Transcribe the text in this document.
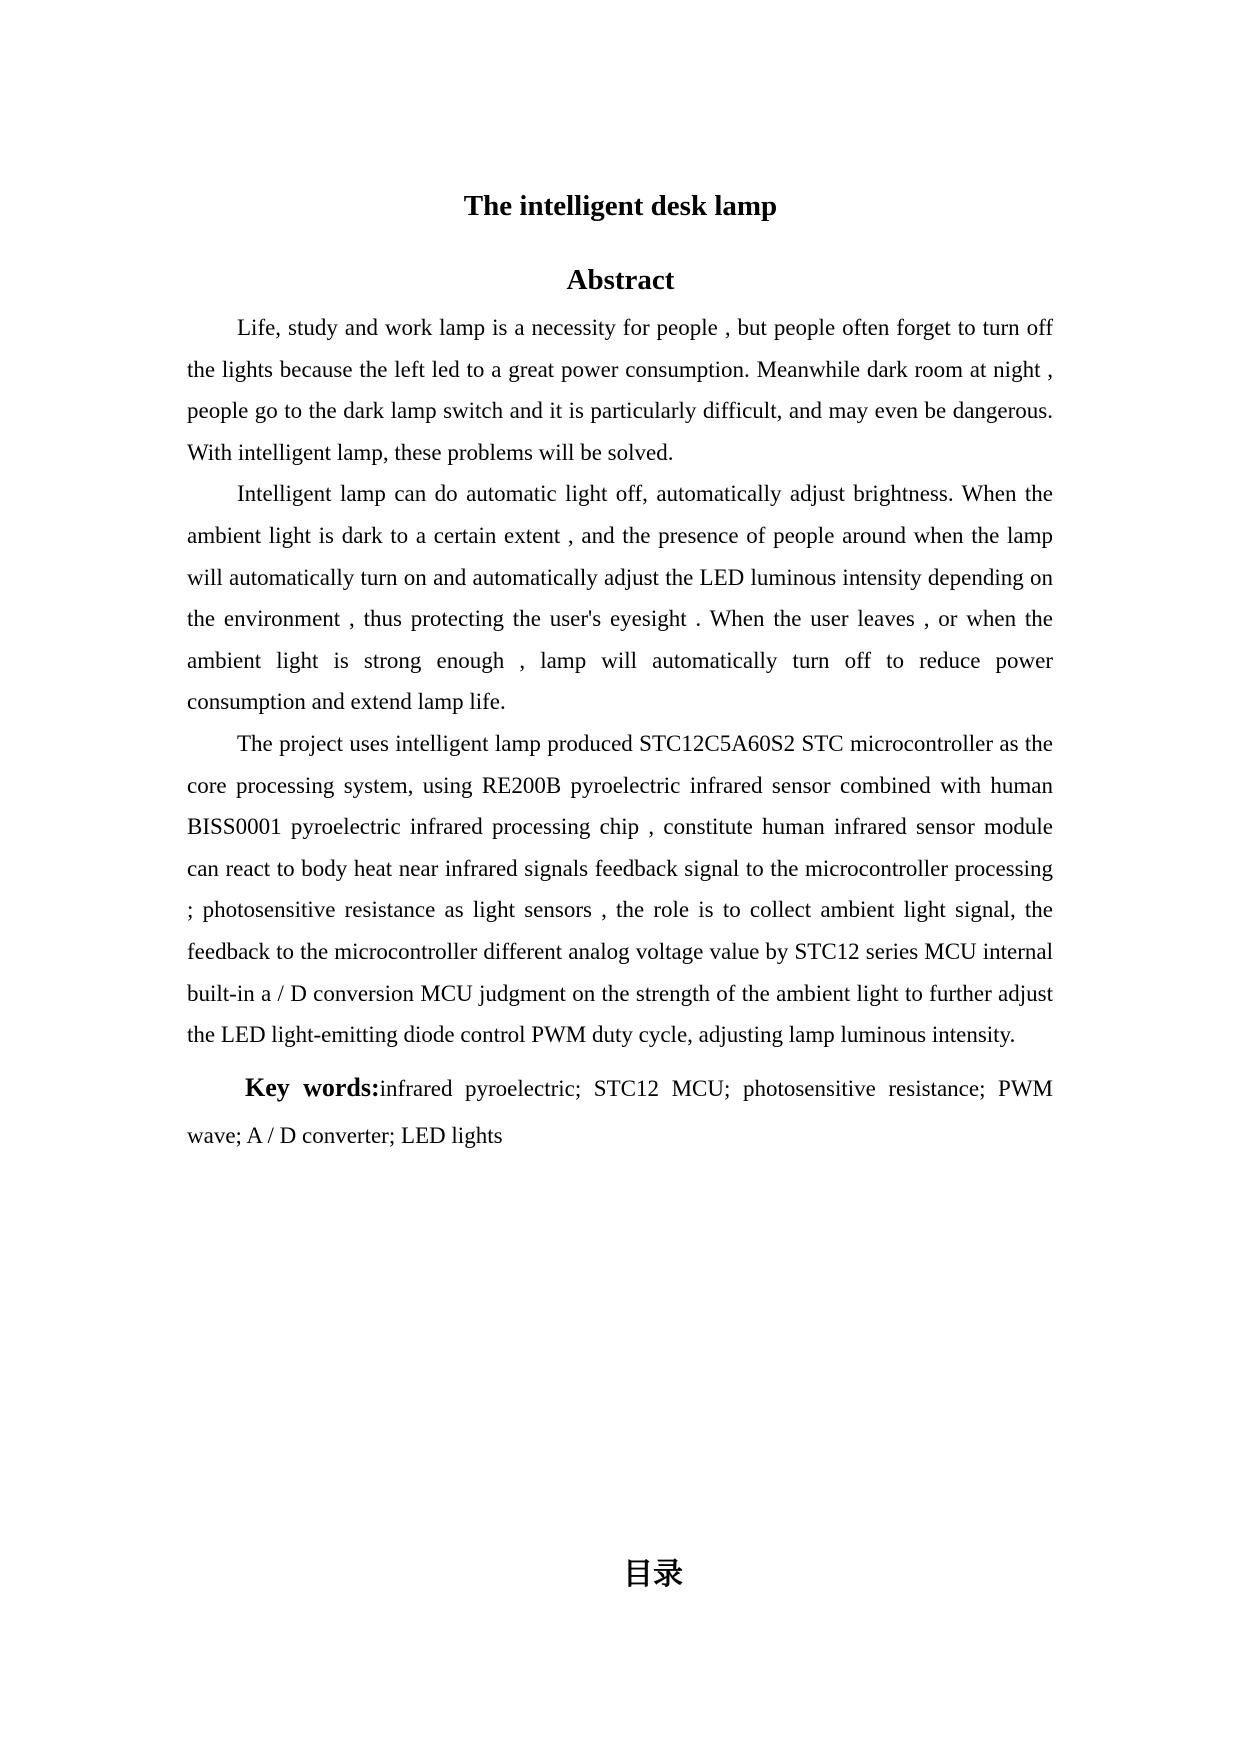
The intelligent desk lamp
Abstract

Life, study and work lamp is a necessity for people , but people often forget to turn off the lights because the left led to a great power consumption. Meanwhile dark room at night , people go to the dark lamp switch and it is particularly difficult, and may even be dangerous. With intelligent lamp, these problems will be solved.

Intelligent lamp can do automatic light off, automatically adjust brightness. When the ambient light is dark to a certain extent , and the presence of people around when the lamp will automatically turn on and automatically adjust the LED luminous intensity depending on the environment , thus protecting the user's eyesight . When the user leaves , or when the ambient light is strong enough , lamp will automatically turn off to reduce power consumption and extend lamp life.

The project uses intelligent lamp produced STC12C5A60S2 STC microcontroller as the core processing system, using RE200B pyroelectric infrared sensor combined with human BISS0001 pyroelectric infrared processing chip , constitute human infrared sensor module can react to body heat near infrared signals feedback signal to the microcontroller processing ; photosensitive resistance as light sensors , the role is to collect ambient light signal, the feedback to the microcontroller different analog voltage value by STC12 series MCU internal built-in a / D conversion MCU judgment on the strength of the ambient light to further adjust the LED light-emitting diode control PWM duty cycle, adjusting lamp luminous intensity.

Key words:infrared pyroelectric; STC12 MCU; photosensitive resistance; PWM wave; A / D converter; LED lights

目录
